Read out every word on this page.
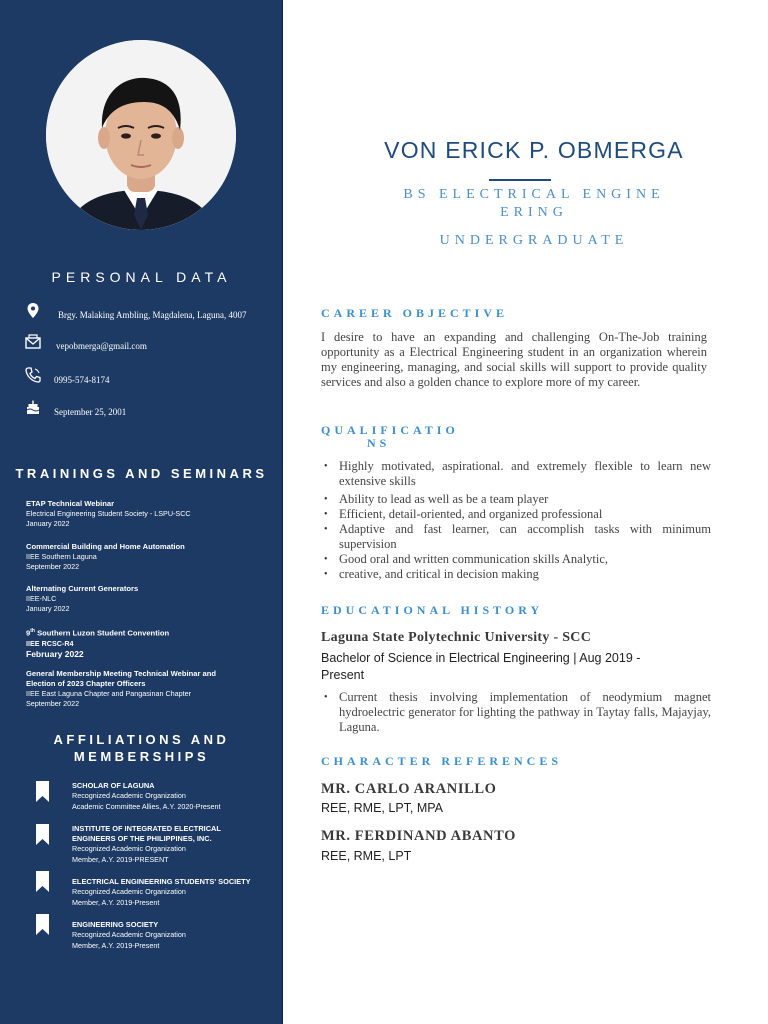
PERSONAL DATA
Brgy. Malaking Ambling, Magdalena, Laguna, 4007
vepobmerga@gmail.com
0995-574-8174
September 25, 2001
TRAININGS AND SEMINARS
ETAP Technical Webinar
Electrical Engineering Student Society - LSPU-SCC
January 2022
Commercial Building and Home Automation
IIEE Southern Laguna
September 2022
Alternating Current Generators
IIEE-NLC
January 2022
9th Southern Luzon Student Convention
IIEE RCSC-R4
February 2022
General Membership Meeting Technical Webinar and
Election of 2023 Chapter Officers
IIEE East Laguna Chapter and Pangasinan Chapter
September 2022
AFFILIATIONS AND
MEMBERSHIPS
SCHOLAR OF LAGUNA
Recognized Academic Organization
Academic Committee Allies, A.Y. 2020-Present
INSTITUTE OF INTEGRATED ELECTRICAL
ENGINEERS OF THE PHILIPPINES, INC.
Recognized Academic Organization
Member, A.Y. 2019-PRESENT
ELECTRICAL ENGINEERING STUDENTS' SOCIETY
Recognized Academic Organization
Member, A.Y. 2019-Present
ENGINEERING SOCIETY
Recognized Academic Organization
Member, A.Y. 2019-Present
VON ERICK P. OBMERGA
BS ELECTRICAL ENGINE
ERING
UNDERGRADUATE
CAREER OBJECTIVE
I desire to have an expanding and challenging On-The-Job training opportunity as a Electrical Engineering student in an organization wherein my engineering, managing, and social skills will support to provide quality services and also a golden chance to explore more of my career.
QUALIFICATIO
NS
• Highly motivated, aspirational. and extremely flexible to learn new extensive skills
• Ability to lead as well as be a team player
• Efficient, detail-oriented, and organized professional
• Adaptive and fast learner, can accomplish tasks with minimum supervision
• Good oral and written communication skills Analytic,
• creative, and critical in decision making
EDUCATIONAL HISTORY
Laguna State Polytechnic University - SCC
Bachelor of Science in Electrical Engineering | Aug 2019 -
Present
• Current thesis involving implementation of neodymium magnet hydroelectric generator for lighting the pathway in Taytay falls, Majayjay, Laguna.
CHARACTER REFERENCES
MR. CARLO ARANILLO
REE, RME, LPT, MPA
MR. FERDINAND ABANTO
REE, RME, LPT
